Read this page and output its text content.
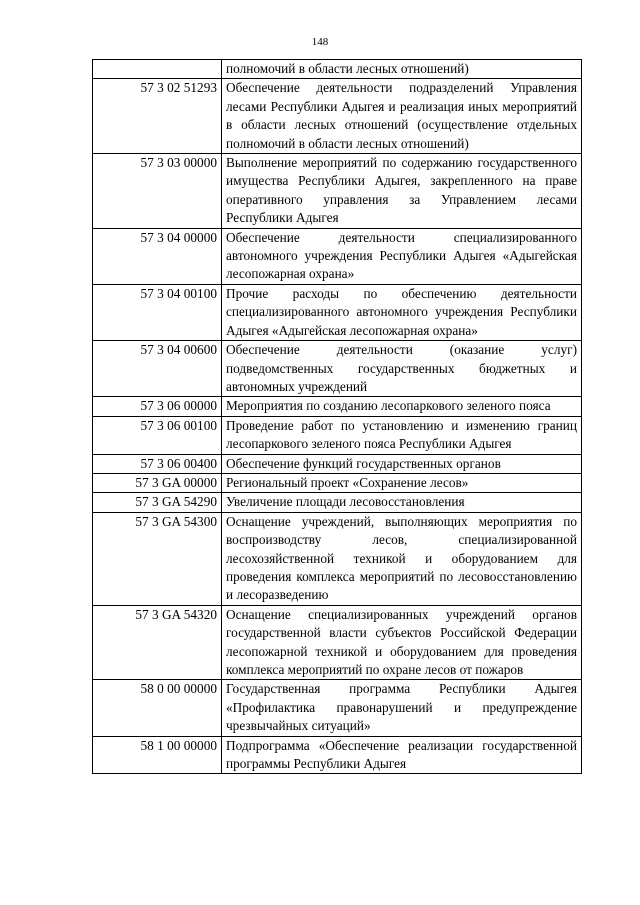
148
	полномочий в области лесных отношений)
57 3 02 51293	Обеспечение деятельности подразделений Управления лесами Республики Адыгея и реализация иных мероприятий в области лесных отношений (осуществление отдельных полномочий в области лесных отношений)
57 3 03 00000	Выполнение мероприятий по содержанию государственного имущества Республики Адыгея, закрепленного на праве оперативного управления за Управлением лесами Республики Адыгея
57 3 04 00000	Обеспечение деятельности специализированного автономного учреждения Республики Адыгея «Адыгейская лесопожарная охрана»
57 3 04 00100	Прочие расходы по обеспечению деятельности специализированного автономного учреждения Республики Адыгея «Адыгейская лесопожарная охрана»
57 3 04 00600	Обеспечение деятельности (оказание услуг) подведомственных государственных бюджетных и автономных учреждений
57 3 06 00000	Мероприятия по созданию лесопаркового зеленого пояса
57 3 06 00100	Проведение работ по установлению и изменению границ лесопаркового зеленого пояса Республики Адыгея
57 3 06 00400	Обеспечение функций государственных органов
57 3 GA 00000	Региональный проект «Сохранение лесов»
57 3 GA 54290	Увеличение площади лесовосстановления
57 3 GA 54300	Оснащение учреждений, выполняющих мероприятия по воспроизводству лесов, специализированной лесохозяйственной техникой и оборудованием для проведения комплекса мероприятий по лесовосстановлению и лесоразведению
57 3 GA 54320	Оснащение специализированных учреждений органов государственной власти субъектов Российской Федерации лесопожарной техникой и оборудованием для проведения комплекса мероприятий по охране лесов от пожаров
58 0 00 00000	Государственная программа Республики Адыгея «Профилактика правонарушений и предупреждение чрезвычайных ситуаций»
58 1 00 00000	Подпрограмма «Обеспечение реализации государственной программы Республики Адыгея
